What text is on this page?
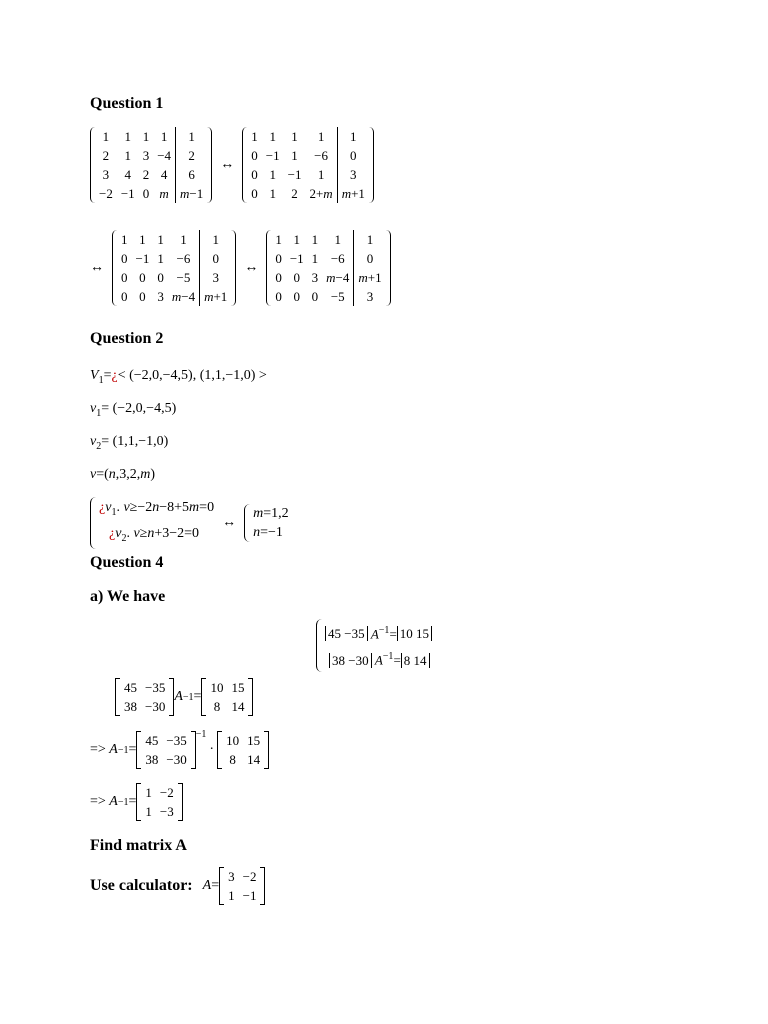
Question 1
1	1	1	1	1
2	1	3	−4	2
3	4	2	4	6
−2	−1	0	m	m−1
↔
1	1	1	1	1
0	−1	1	−6	0
0	1	−1	1	3
0	1	2	2+m	m+1
↔
1	1	1	1	1
0	−1	1	−6	0
0	0	0	−5	3
0	0	3	m−4	m+1
↔
1	1	1	1	1
0	−1	1	−6	0
0	0	3	m−4	m+1
0	0	0	−5	3
Question 2
$V_1=¿< (-2,0,-4,5)$, (1,1,−1,0) >
$v_1= (-2,0,-4,5)$
$v_2= (1,1,-1,0)$
v=(n,3,2,m)
¿$v_1$. v≥−2n−8+5m=0
¿$v_2$. v≥n+3−2=0
↔
m=1,2
n=−1
Question 4
a) We have
45 −35 $A^{-1}= 10$ 15
38 −30 $A^{-1}= 8$ 14
45	−35
38	−30
A −1 =
10	15
8	14
=>
A −1 =
45	−35
38	−30
−1
·
10	15
8	14
=>
A −1 =
1	−2
1	−3
Find matrix A
Use calculator: A =
3	−2
1	−1
